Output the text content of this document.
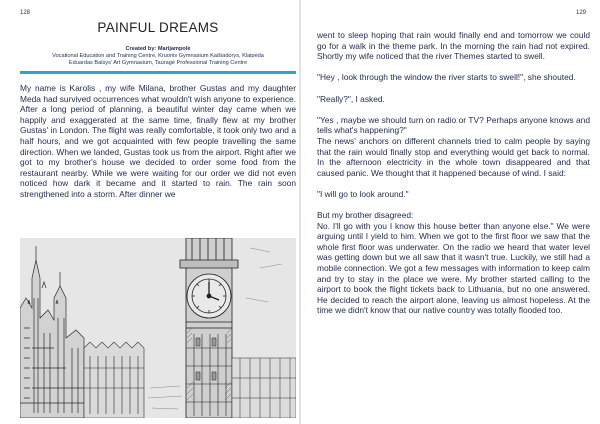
128
PAINFUL DREAMS
Created by: Marijampolė
Vocational Education and Training Centre, Kruonis Gymnasium Kaišiadorys, Klaipėda
Eduardas Balsys' Art Gymnasium, Tauragė Professional Training Centre

My name is Karolis , my wife Milana, brother Gustas and my daughter Meda had survived occurrences what wouldn't wish anyone to experience. After a long period of planning, a beautiful winter day came when we happily and exaggerated at the same time, finally flew at my brother Gustas' in London. The flight was really comfortable, it took only two and a half hours, and we got acquainted with few people travelling the same direction. When we landed, Gustas took us from the airport. Right after we got to my brother's house we decided to order some food from the restaurant nearby. While we were waiting for our order we did not even noticed how dark it became and it started to rain. The rain soon strengthened into a storm. After dinner we

129

went to sleep hoping that rain would finally end and tomorrow we could go for a walk in the theme park. In the morning the rain had not expired. Shortly my wife noticed that the river Themes started to swell.

"Hey , look through the window the river starts to swell!", she shouted.

"Really?", I asked.

"Yes , maybe we should turn on radio or TV? Perhaps anyone knows and tells what's happening?"

The news' anchors on different channels tried to calm people by saying that the rain would finally stop and everything would get back to normal. In the afternoon electricity in the whole town disappeared and that caused panic. We thought that it happened because of wind. I said:

"I will go to look around."

But my brother disagreed:

No. I'll go with you I know this house better than anyone else." We were arguing until I yield to him. When we got to the first floor we saw that the whole first floor was underwater. On the radio we heard that water level was getting down but we all saw that it wasn't true. Luckily, we still had a mobile connection. We got a few messages with information to keep calm and try to stay in the place we were. My brother started calling to the airport to book the flight tickets back to Lithuania, but no one answered. He decided to reach the airport alone, leaving us almost hopeless. At the time we didn't know that our native country was totally flooded too.
